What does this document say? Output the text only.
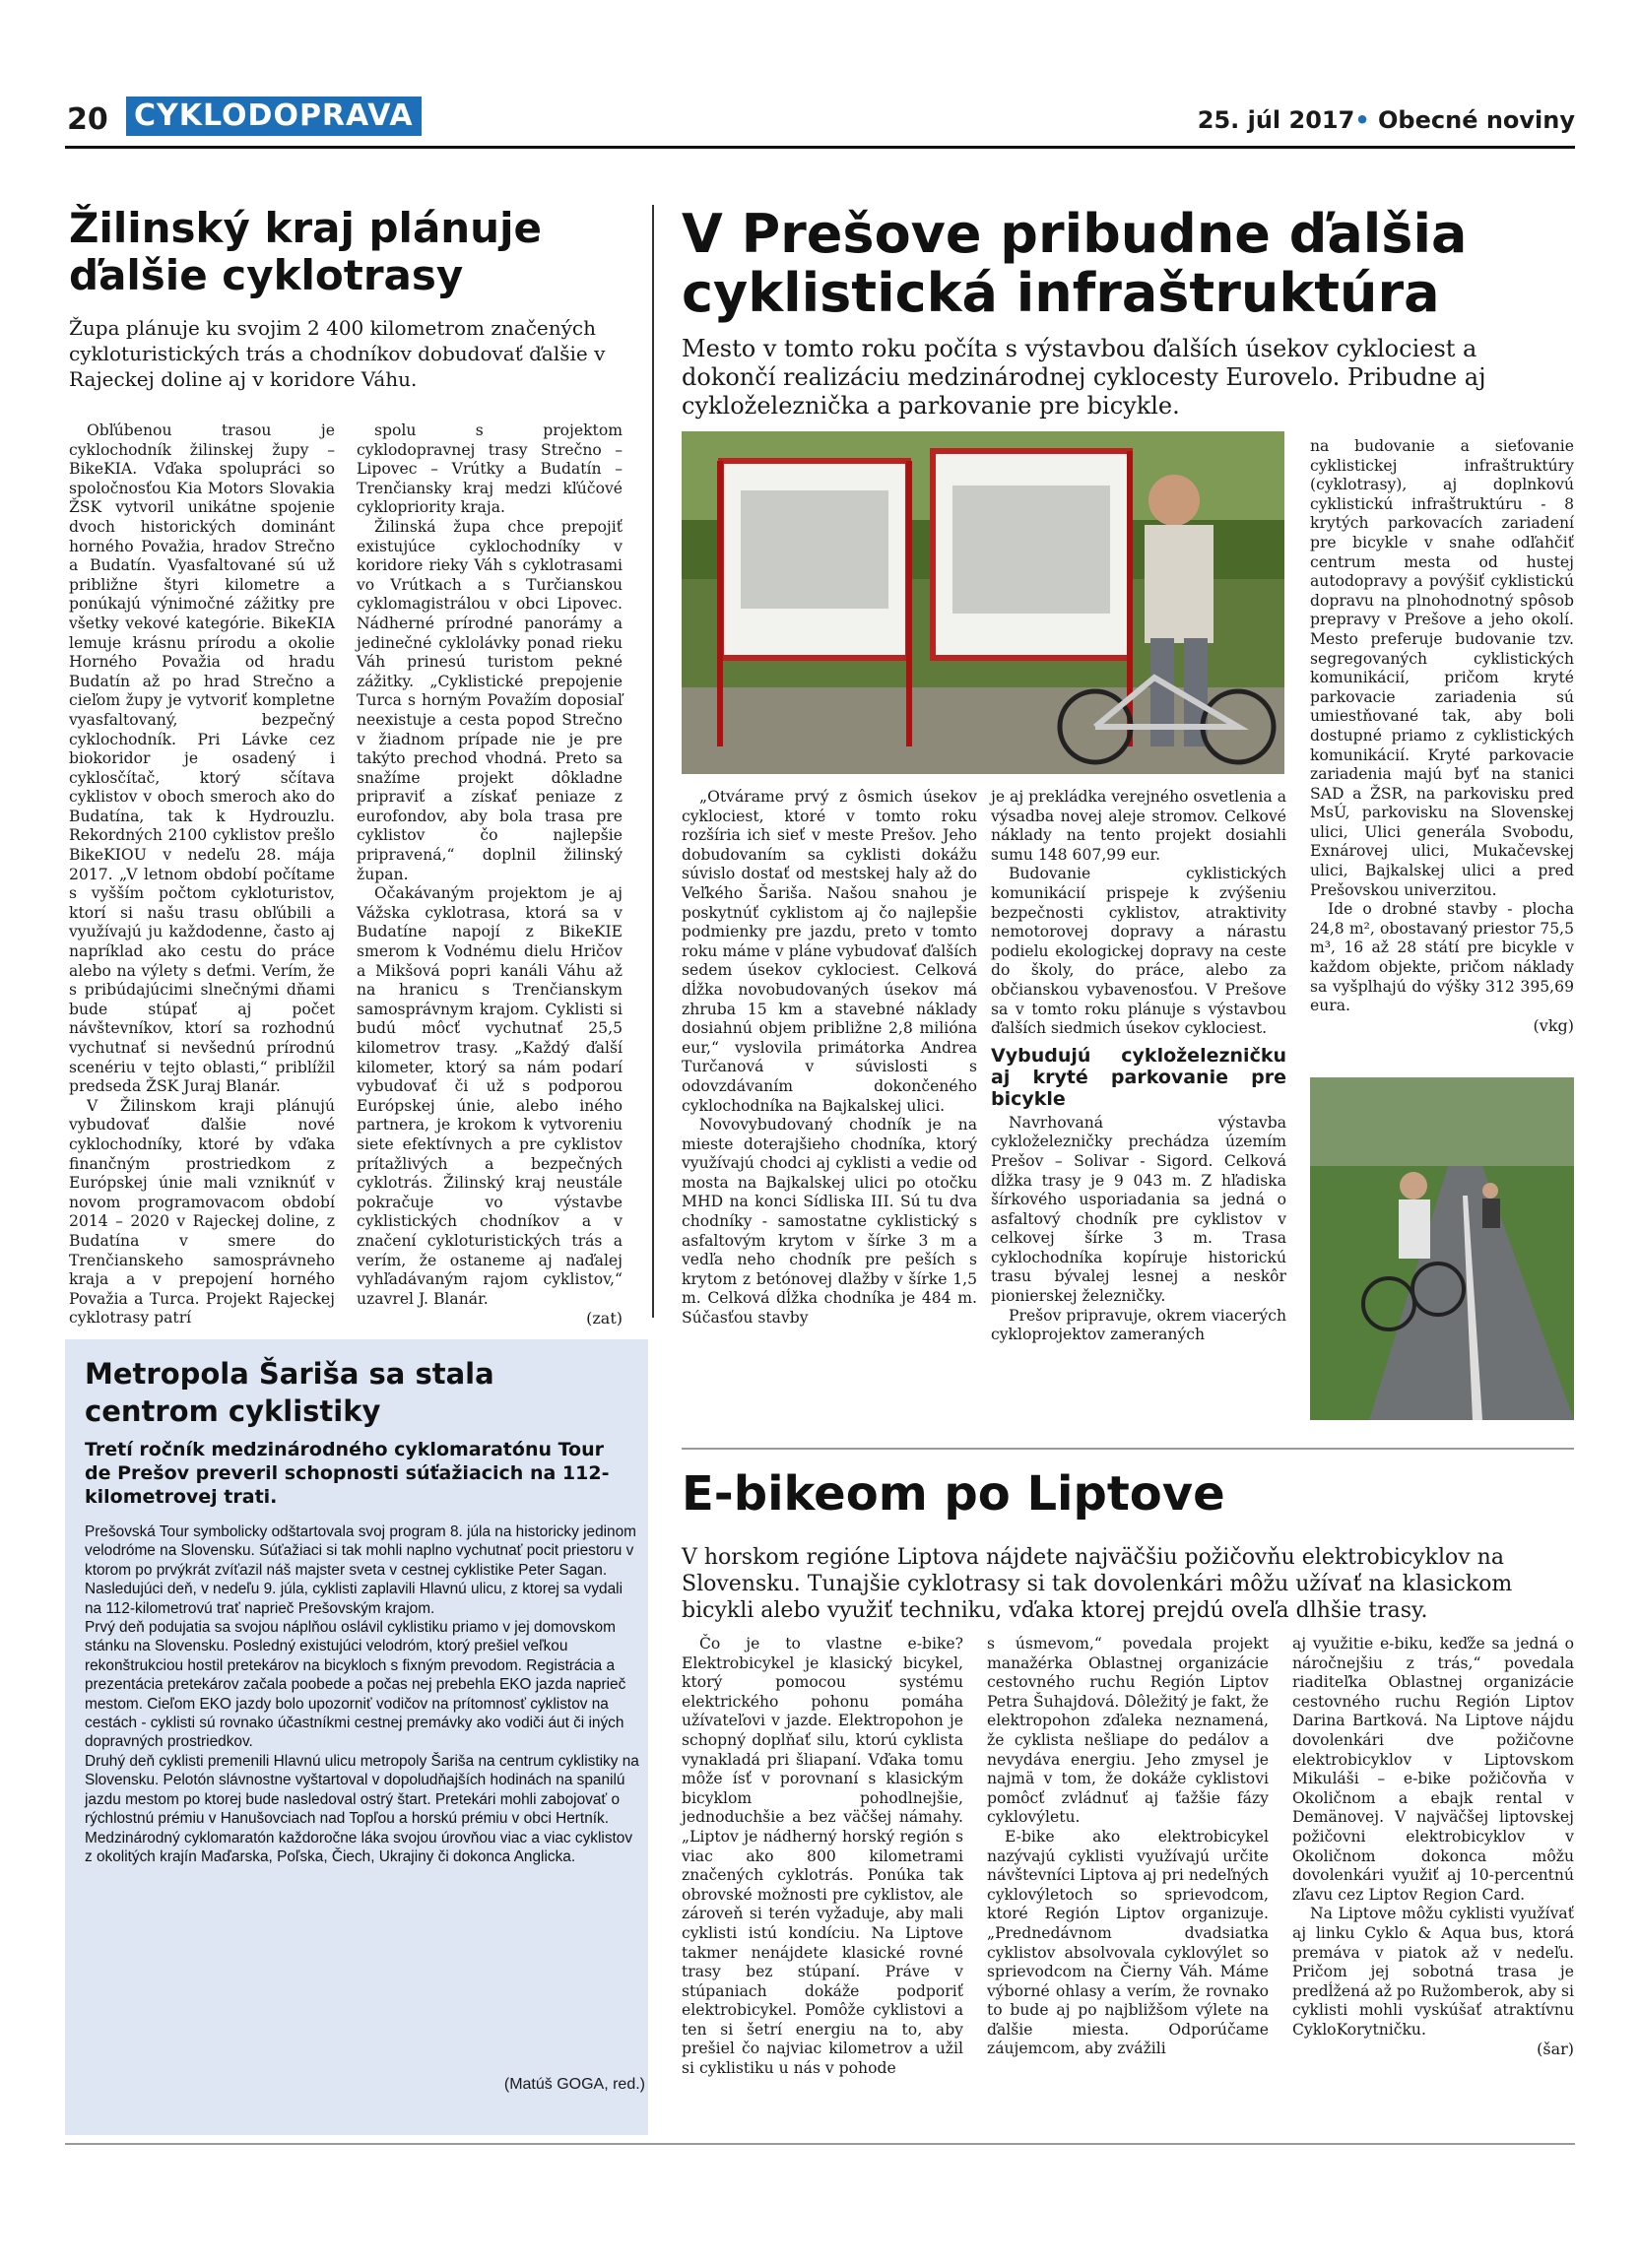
20 CYKLODOPRAVA	25. júl 2017• Obecné noviny
Žilinský kraj plánuje ďalšie cyklotrasy
Župa plánuje ku svojim 2 400 kilometrom značených cykloturistických trás a chodníkov dobudovať ďalšie v Rajeckej doline aj v koridore Váhu.

Obľúbenou trasou je cyklochodník žilinskej župy – BikeKIA. Vďaka spolupráci so spoločnosťou Kia Motors Slovakia ŽSK vytvoril unikátne spojenie dvoch historických dominánt horného Považia, hradov Strečno a Budatín. Vyasfaltované sú už približne štyri kilometre a ponúkajú výnimočné zážitky pre všetky vekové kategórie. BikeKIA lemuje krásnu prírodu a okolie Horného Považia od hradu Budatín až po hrad Strečno a cieľom župy je vytvoriť kompletne vyasfaltovaný, bezpečný cyklochodník. Pri Lávke cez biokoridor je osadený i cyklosčítač, ktorý sčítava cyklistov v oboch smeroch ako do Budatína, tak k Hydrouzlu. Rekordných 2100 cyklistov prešlo BikeKIOU v nedeľu 28. mája 2017. „V letnom období počítame s vyšším počtom cykloturistov, ktorí si našu trasu obľúbili a využívajú ju každodenne, často aj napríklad ako cestu do práce alebo na výlety s deťmi. Verím, že s pribúdajúcimi slnečnými dňami bude stúpať aj počet návštevníkov, ktorí sa rozhodnú vychutnať si nevšednú prírodnú scenériu v tejto oblasti,“ priblížil predseda ŽSK Juraj Blanár.

V Žilinskom kraji plánujú vybudovať ďalšie nové cyklochodníky, ktoré by vďaka finančným prostriedkom z Európskej únie mali vzniknúť v novom programovacom období 2014 – 2020 v Rajeckej doline, z Budatína v smere do Trenčianskeho samosprávneho kraja a v prepojení horného Považia a Turca. Projekt Rajeckej cyklotrasy patrí

spolu s projektom cyklodopravnej trasy Strečno – Lipovec – Vrútky a Budatín – Trenčiansky kraj medzi kľúčové cyklopriority kraja.

Žilinská župa chce prepojiť existujúce cyklochodníky v koridore rieky Váh s cyklotrasami vo Vrútkach a s Turčianskou cyklomagistrálou v obci Lipovec. Nádherné prírodné panorámy a jedinečné cyklolávky ponad rieku Váh prinesú turistom pekné zážitky. „Cyklistické prepojenie Turca s horným Považím doposiaľ neexistuje a cesta popod Strečno v žiadnom prípade nie je pre takýto prechod vhodná. Preto sa snažíme projekt dôkladne pripraviť a získať peniaze z eurofondov, aby bola trasa pre cyklistov čo najlepšie pripravená,“ doplnil žilinský župan.

Očakávaným projektom je aj Vážska cyklotrasa, ktorá sa v Budatíne napojí z BikeKIE smerom k Vodnému dielu Hričov a Mikšová popri kanáli Váhu až na hranicu s Trenčianskym samosprávnym krajom. Cyklisti si budú môcť vychutnať 25,5 kilometrov trasy. „Každý ďalší kilometer, ktorý sa nám podarí vybudovať či už s podporou Európskej únie, alebo iného partnera, je krokom k vytvoreniu siete efektívnych a pre cyklistov prítažlivých a bezpečných cyklotrás. Žilinský kraj neustále pokračuje vo výstavbe cyklistických chodníkov a v značení cykloturistických trás a verím, že ostaneme aj naďalej vyhľadávaným rajom cyklistov,“ uzavrel J. Blanár.

(zat)
Metropola Šariša sa stala centrom cyklistiky
Tretí ročník medzinárodného cyklomaratónu Tour de Prešov preveril schopnosti súťažiacich na 112-kilometrovej trati.

Prešovská Tour symbolicky odštartovala svoj program 8. júla na historicky jedinom velodróme na Slovensku. Súťažiaci si tak mohli naplno vychutnať pocit priestoru v ktorom po prvýkrát zvíťazil náš majster sveta v cestnej cyklistike Peter Sagan. Nasledujúci deň, v nedeľu 9. júla, cyklisti zaplavili Hlavnú ulicu, z ktorej sa vydali na 112-kilometrovú trať naprieč Prešovským krajom.

Prvý deň podujatia sa svojou náplňou oslávil cyklistiku priamo v jej domovskom stánku na Slovensku. Posledný existujúci velodróm, ktorý prešiel veľkou rekonštrukciou hostil pretekárov na bicykloch s fixným prevodom. Registrácia a prezentácia pretekárov začala poobede a počas nej prebehla EKO jazda naprieč mestom. Cieľom EKO jazdy bolo upozorniť vodičov na prítomnosť cyklistov na cestách - cyklisti sú rovnako účastníkmi cestnej premávky ako vodiči áut či iných dopravných prostriedkov.

Druhý deň cyklisti premenili Hlavnú ulicu metropoly Šariša na centrum cyklistiky na Slovensku. Pelotón slávnostne vyštartoval v dopoludňajších hodinách na spanilú jazdu mestom po ktorej bude nasledoval ostrý štart. Pretekári mohli zabojovať o rýchlostnú prémiu v Hanušovciach nad Topľou a horskú prémiu v obci Hertník. Medzinárodný cyklomaratón každoročne láka svojou úrovňou viac a viac cyklistov z okolitých krajín Maďarska, Poľska, Čiech, Ukrajiny či dokonca Anglicka.

(Matúš GOGA, red.)
V Prešove pribudne ďalšia cyklistická infraštruktúra
Mesto v tomto roku počíta s výstavbou ďalších úsekov cyklociest a dokončí realizáciu medzinárodnej cyklocesty Eurovelo. Pribudne aj cykloželeznička a parkovanie pre bicykle.

na budovanie a sieťovanie cyklistickej infraštruktúry (cyklotrasy), aj doplnkovú cyklistickú infraštruktúru - 8 krytých parkovacích zariadení pre bicykle v snahe odľahčiť centrum mesta od hustej autodopravy a povýšiť cyklistickú dopravu na plnohodnotný spôsob prepravy v Prešove a jeho okolí. Mesto preferuje budovanie tzv. segregovaných cyklistických komunikácií, pričom kryté parkovacie zariadenia sú umiestňované tak, aby boli dostupné priamo z cyklistických komunikácií. Kryté parkovacie zariadenia majú byť na stanici SAD a ŽSR, na parkovisku pred MsÚ, parkovisku na Slovenskej ulici, Ulici generála Svobodu, Exnárovej ulici, Mukačevskej ulici, Bajkalskej ulici a pred Prešovskou univerzitou.

Ide o drobné stavby - plocha 24,8 m², obostavaný priestor 75,5 m³, 16 až 28 státí pre bicykle v každom objekte, pričom náklady sa vyšplhajú do výšky 312 395,69 eura.

(vkg)

„Otvárame prvý z ôsmich úsekov cyklociest, ktoré v tomto roku rozšíria ich sieť v meste Prešov. Jeho dobudovaním sa cyklisti dokážu súvislo dostať od mestskej haly až do Veľkého Šariša. Našou snahou je poskytnúť cyklistom aj čo najlepšie podmienky pre jazdu, preto v tomto roku máme v pláne vybudovať ďalších sedem úsekov cyklociest. Celková dĺžka novobudovaných úsekov má zhruba 15 km a stavebné náklady dosiahnú objem približne 2,8 milióna eur,“ vyslovila primátorka Andrea Turčanová v súvislosti s odovzdávaním dokončeného cyklochodníka na Bajkalskej ulici.

Novovybudovaný chodník je na mieste doterajšieho chodníka, ktorý využívajú chodci aj cyklisti a vedie od mosta na Bajkalskej ulici po otočku MHD na konci Sídliska III. Sú tu dva chodníky - samostatne cyklistický s asfaltovým krytom v šírke 3 m a vedľa neho chodník pre peších s krytom z betónovej dlažby v šírke 1,5 m. Celková dĺžka chodníka je 484 m. Súčasťou stavby

je aj prekládka verejného osvetlenia a výsadba novej aleje stromov. Celkové náklady na tento projekt dosiahli sumu 148 607,99 eur.

Budovanie cyklistických komunikácií prispeje k zvýšeniu bezpečnosti cyklistov, atraktivity nemotorovej dopravy a nárastu podielu ekologickej dopravy na ceste do školy, do práce, alebo za občianskou vybavenosťou. V Prešove sa v tomto roku plánuje s výstavbou ďalších siedmich úsekov cyklociest.

Vybudujú cykloželezničku aj kryté parkovanie pre bicykle

Navrhovaná výstavba cykloželezničky prechádza územím Prešov – Solivar - Sigord. Celková dĺžka trasy je 9 043 m. Z hľadiska šírkového usporiadania sa jedná o asfaltový chodník pre cyklistov v celkovej šírke 3 m. Trasa cyklochodníka kopíruje historickú trasu bývalej lesnej a neskôr pionierskej železničky.

Prešov pripravuje, okrem viacerých cykloprojektov zameraných

E-bikeom po Liptove
V horskom regióne Liptova nájdete najväčšiu požičovňu elektrobicyklov na Slovensku. Tunajšie cyklotrasy si tak dovolenkári môžu užívať na klasickom bicykli alebo využiť techniku, vďaka ktorej prejdú oveľa dlhšie trasy.

Čo je to vlastne e-bike? Elektrobicykel je klasický bicykel, ktorý pomocou systému elektrického pohonu pomáha užívateľovi v jazde. Elektropohon je schopný doplňať silu, ktorú cyklista vynakladá pri šliapaní. Vďaka tomu môže ísť v porovnaní s klasickým bicyklom pohodlnejšie, jednoduchšie a bez väčšej námahy. „Liptov je nádherný horský región s viac ako 800 kilometrami značených cyklotrás. Ponúka tak obrovské možnosti pre cyklistov, ale zároveň si terén vyžaduje, aby mali cyklisti istú kondíciu. Na Liptove takmer nenájdete klasické rovné trasy bez stúpaní. Práve v stúpaniach dokáže podporiť elektrobicykel. Pomôže cyklistovi a ten si šetrí energiu na to, aby prešiel čo najviac kilometrov a užil si cyklistiku u nás v pohode

s úsmevom,“ povedala projekt manažérka Oblastnej organizácie cestovného ruchu Región Liptov Petra Šuhajdová. Dôležitý je fakt, že elektropohon zďaleka neznamená, že cyklista nešliape do pedálov a nevydáva energiu. Jeho zmysel je najmä v tom, že dokáže cyklistovi pomôcť zvládnuť aj ťažšie fázy cyklovýletu.

E-bike ako elektrobicykel nazývajú cyklisti využívajú určite návštevníci Liptova aj pri nedeľných cyklovýletoch so sprievodcom, ktoré Región Liptov organizuje. „Prednedávnom dvadsiatka cyklistov absolvovala cyklovýlet so sprievodcom na Čierny Váh. Máme výborné ohlasy a verím, že rovnako to bude aj po najbližšom výlete na ďalšie miesta. Odporúčame záujemcom, aby zvážili

aj využitie e-biku, keďže sa jedná o náročnejšiu z trás,“ povedala riaditeľka Oblastnej organizácie cestovného ruchu Región Liptov Darina Bartková. Na Liptove nájdu dovolenkári dve požičovne elektrobicyklov v Liptovskom Mikuláši – e-bike požičovňa v Okoličnom a ebajk rental v Demänovej. V najväčšej liptovskej požičovni elektrobicyklov v Okoličnom dokonca môžu dovolenkári využiť aj 10-percentnú zľavu cez Liptov Region Card.

Na Liptove môžu cyklisti využívať aj linku Cyklo & Aqua bus, ktorá premáva v piatok až v nedeľu. Pričom jej sobotná trasa je predĺžená až po Ružomberok, aby si cyklisti mohli vyskúšať atraktívnu CykloKorytničku.

(šar)
